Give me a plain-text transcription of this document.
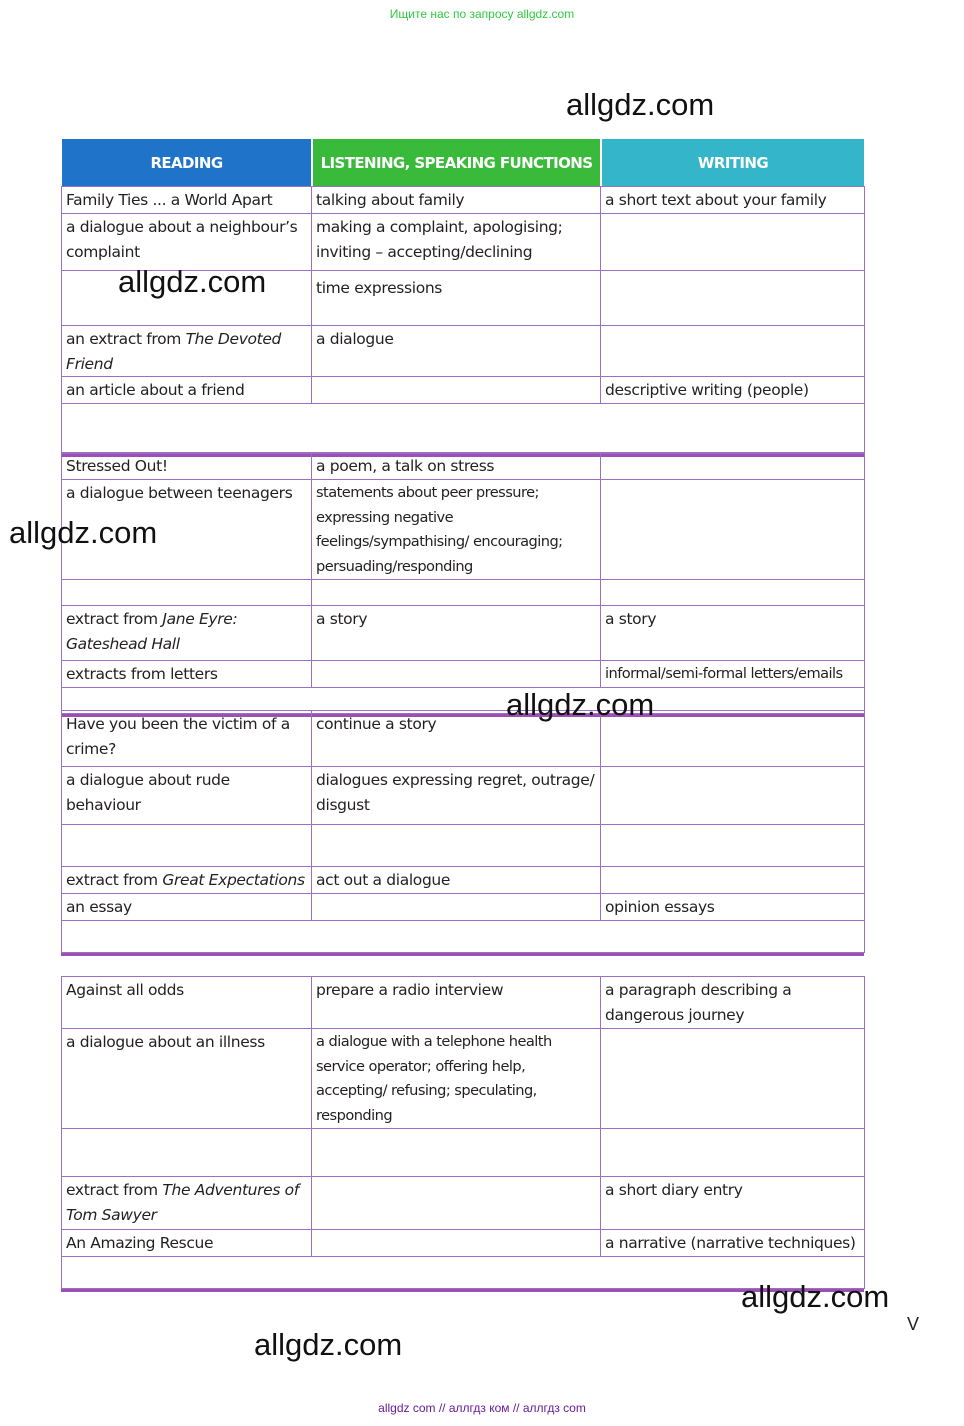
Ищите нас по запросу allgdz.com
READING	LISTENING, SPEAKING FUNCTIONS	WRITING
Family Ties ... a World Apart	talking about family	a short text about your family
a dialogue about a neighbour’s complaint	making a complaint, apologising; inviting – accepting/declining	
	time expressions	
an extract from The Devoted Friend	a dialogue	
an article about a friend		descriptive writing (people)

Stressed Out!	a poem, a talk on stress	
a dialogue between teenagers	statements about peer pressure; expressing negative feelings/sympathising/ encouraging; persuading/responding	

extract from Jane Eyre: Gateshead Hall	a story	a story
extracts from letters		informal/semi-formal letters/emails

Have you been the victim of a crime?	continue a story	
a dialogue about rude behaviour	dialogues expressing regret, outrage/ disgust	

extract from Great Expectations	act out a dialogue	
an essay		opinion essays

Against all odds	prepare a radio interview	a paragraph describing a dangerous journey
a dialogue about an illness	a dialogue with a telephone health service operator; offering help, accepting/ refusing; speculating, responding	

extract from The Adventures of Tom Sawyer		a short diary entry
An Amazing Rescue		a narrative (narrative techniques)

allgdz.com
allgdz.com
allgdz.com
allgdz.com
allgdz.com
allgdz.com
V
allgdz com // аллгдз ком // аллгдз com
